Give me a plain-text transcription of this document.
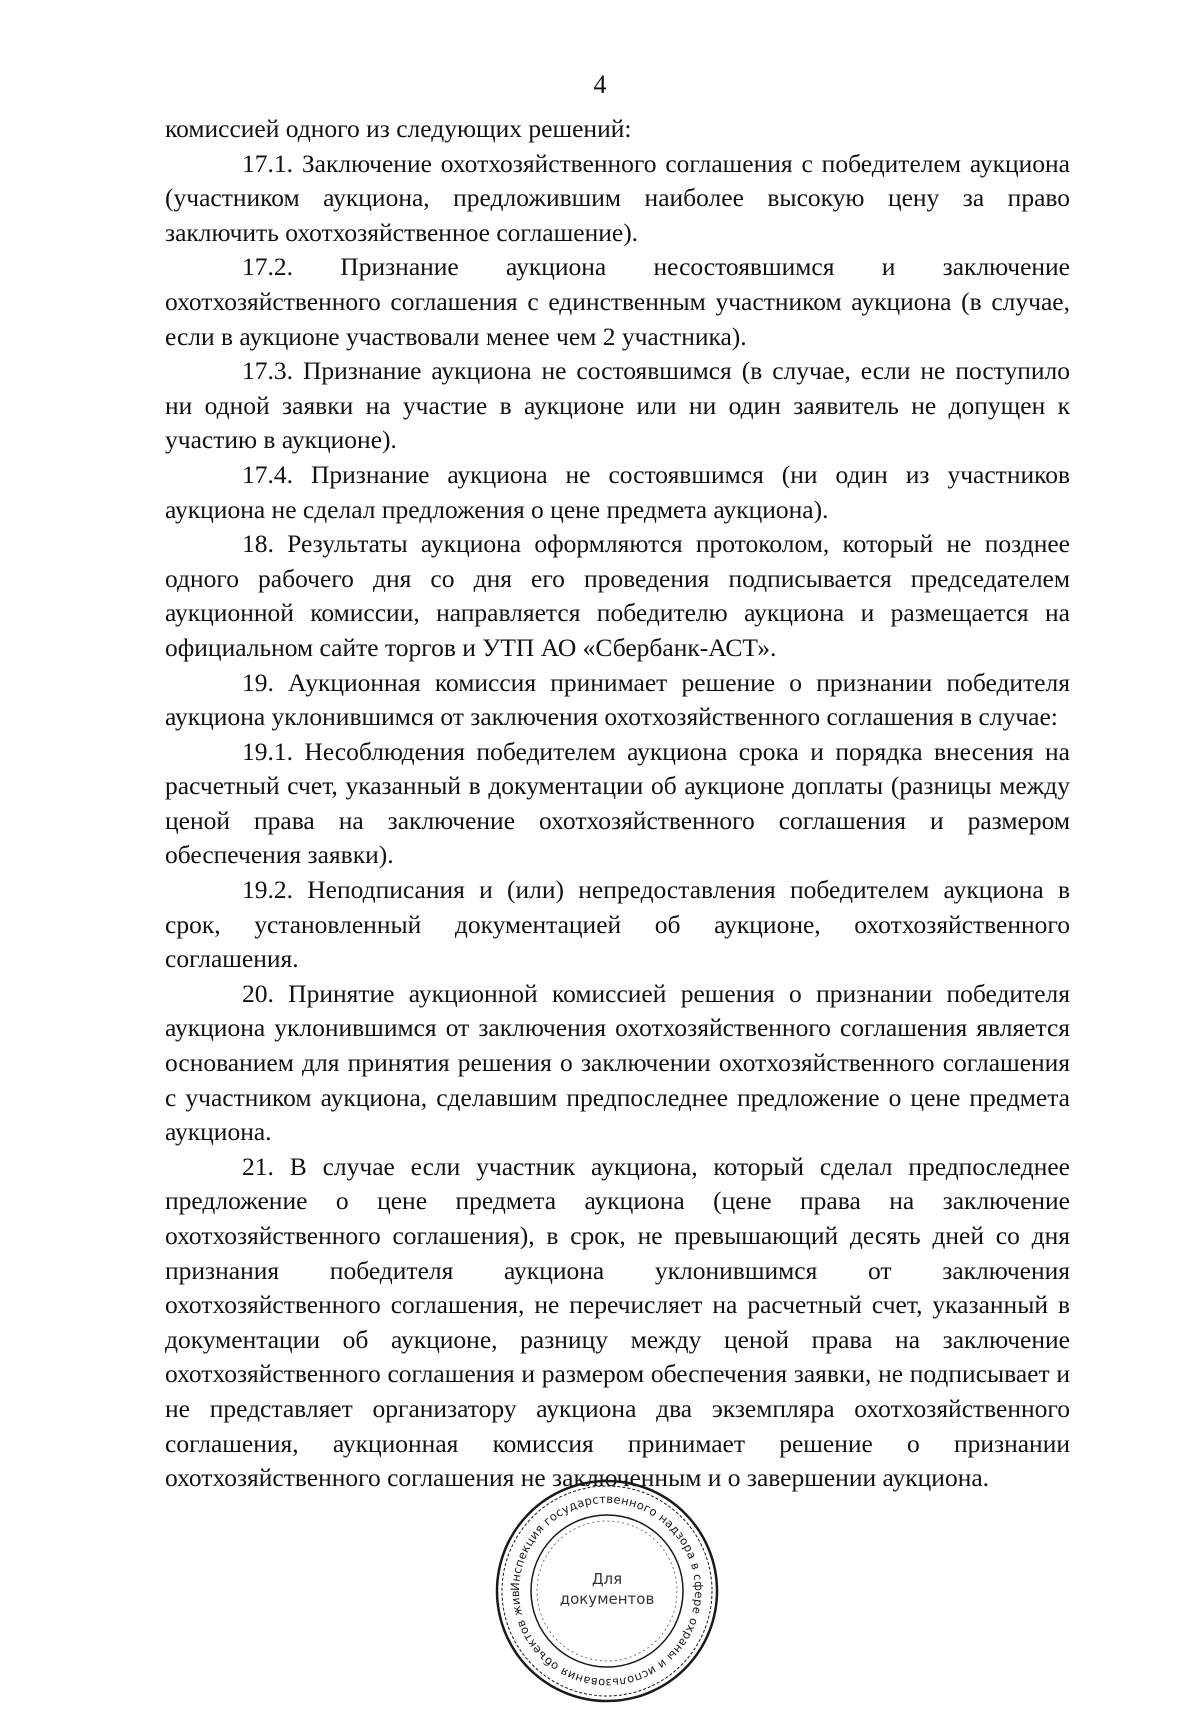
4

комиссией одного из следующих решений:

17.1. Заключение охотхозяйственного соглашения с победителем аукциона (участником аукциона, предложившим наиболее высокую цену за право заключить охотхозяйственное соглашение).

17.2. Признание аукциона несостоявшимся и заключение охотхозяйственного соглашения с единственным участником аукциона (в случае, если в аукционе участвовали менее чем 2 участника).

17.3. Признание аукциона не состоявшимся (в случае, если не поступило ни одной заявки на участие в аукционе или ни один заявитель не допущен к участию в аукционе).

17.4. Признание аукциона не состоявшимся (ни один из участников аукциона не сделал предложения о цене предмета аукциона).

18. Результаты аукциона оформляются протоколом, который не позднее одного рабочего дня со дня его проведения подписывается председателем аукционной комиссии, направляется победителю аукциона и размещается на официальном сайте торгов и УТП АО «Сбербанк-АСТ».

19. Аукционная комиссия принимает решение о признании победителя аукциона уклонившимся от заключения охотхозяйственного соглашения в случае:

19.1. Несоблюдения победителем аукциона срока и порядка внесения на расчетный счет, указанный в документации об аукционе доплаты (разницы между ценой права на заключение охотхозяйственного соглашения и размером обеспечения заявки).

19.2. Неподписания и (или) непредоставления победителем аукциона в срок, установленный документацией об аукционе, охотхозяйственного соглашения.

20. Принятие аукционной комиссией решения о признании победителя аукциона уклонившимся от заключения охотхозяйственного соглашения является основанием для принятия решения о заключении охотхозяйственного соглашения с участником аукциона, сделавшим предпоследнее предложение о цене предмета аукциона.

21. В случае если участник аукциона, который сделал предпоследнее предложение о цене предмета аукциона (цене права на заключение охотхозяйственного соглашения), в срок, не превышающий десять дней со дня признания победителя аукциона уклонившимся от заключения охотхозяйственного соглашения, не перечисляет на расчетный счет, указанный в документации об аукционе, разницу между ценой права на заключение охотхозяйственного соглашения и размером обеспечения заявки, не подписывает и не представляет организатору аукциона два экземпляра охотхозяйственного соглашения, аукционная комиссия принимает решение о признании охотхозяйственного соглашения не заключенным и о завершении аукциона.

Инспекция государственного надзора в сфере охраны и использования объектов жив
Для
документов
